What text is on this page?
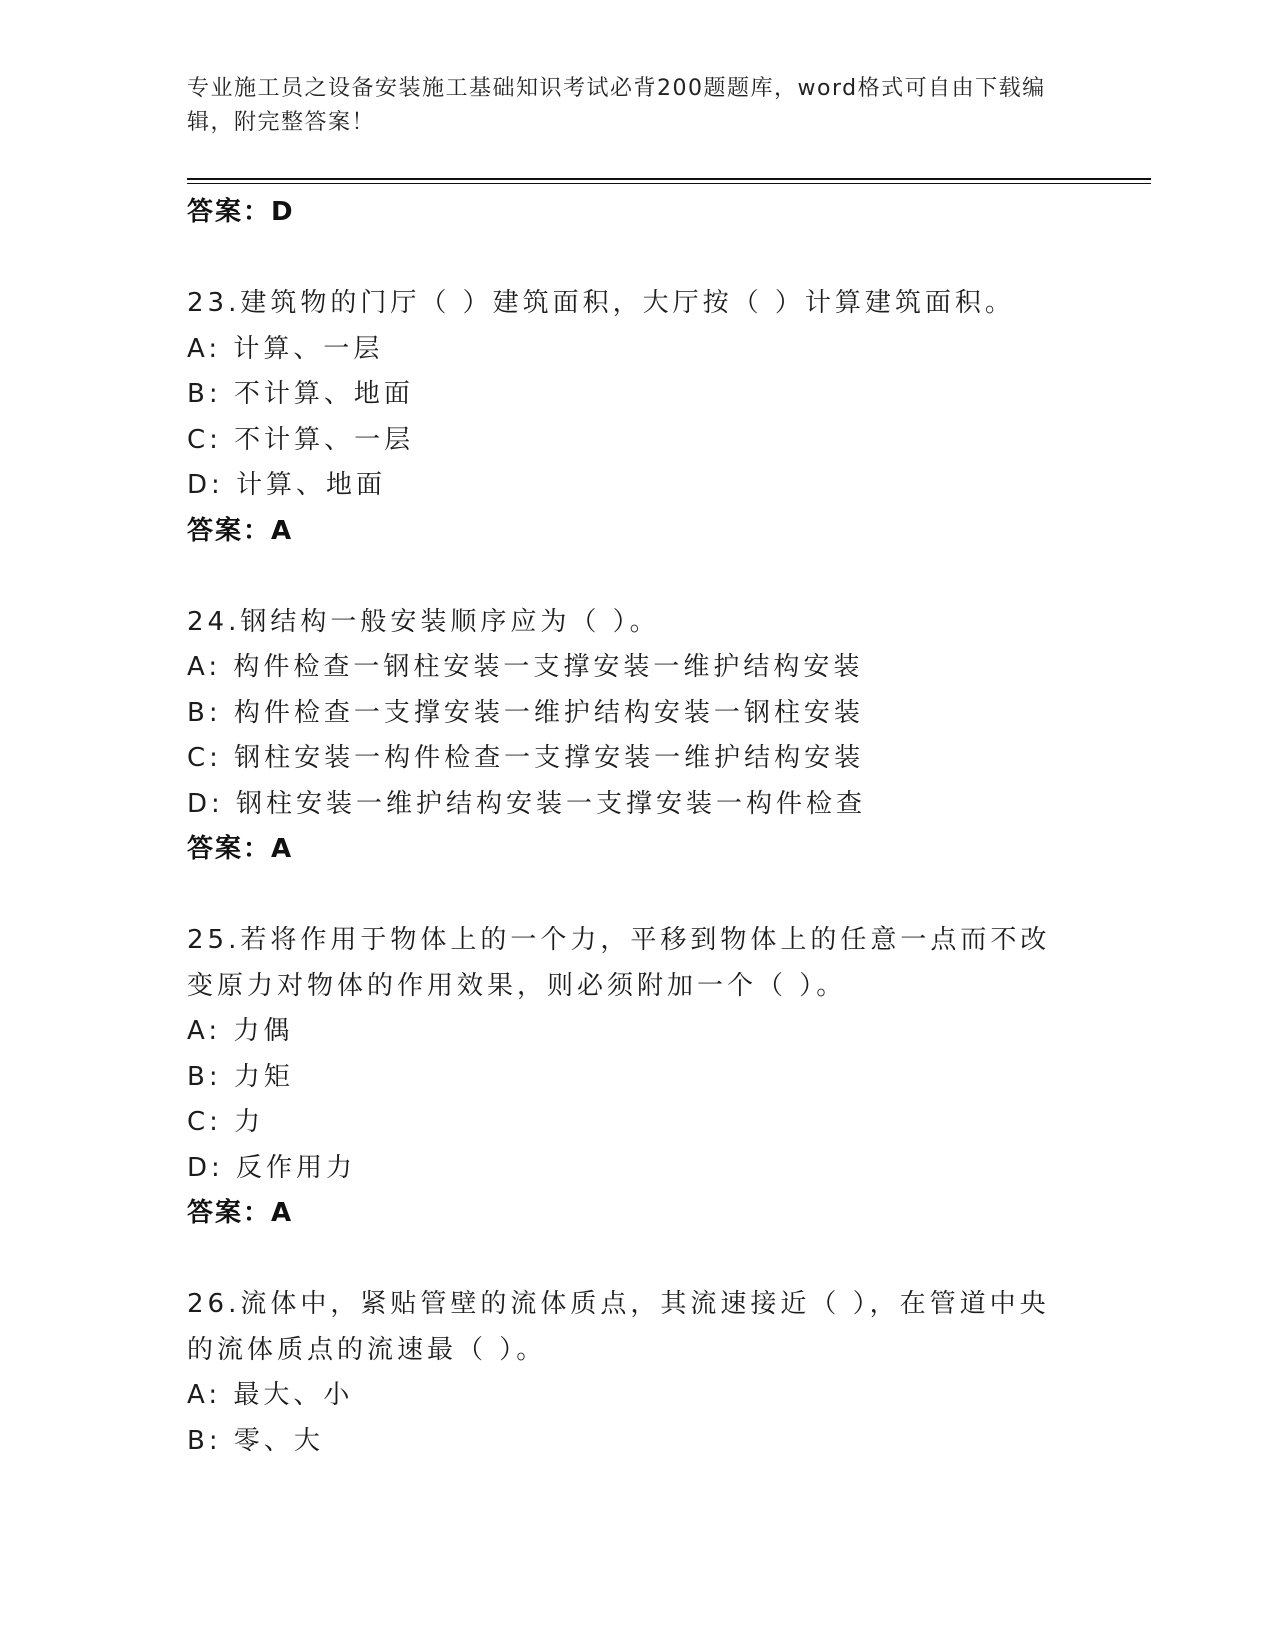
专业施工员之设备安装施工基础知识考试必背200题题库，word格式可自由下载编辑，附完整答案！
答案：D
23.建筑物的门厅（ ）建筑面积，大厅按（ ）计算建筑面积。
A: 计算、一层
B: 不计算、地面
C: 不计算、一层
D: 计算、地面
答案：A
24.钢结构一般安装顺序应为（ ）。
A: 构件检查一钢柱安装一支撑安装一维护结构安装
B: 构件检查一支撑安装一维护结构安装一钢柱安装
C: 钢柱安装一构件检查一支撑安装一维护结构安装
D: 钢柱安装一维护结构安装一支撑安装一构件检查
答案：A
25.若将作用于物体上的一个力，平移到物体上的任意一点而不改变原力对物体的作用效果，则必须附加一个（ ）。
A: 力偶
B: 力矩
C: 力
D: 反作用力
答案：A
26.流体中，紧贴管壁的流体质点，其流速接近（ ），在管道中央的流体质点的流速最（ ）。
A: 最大、小
B: 零、大
